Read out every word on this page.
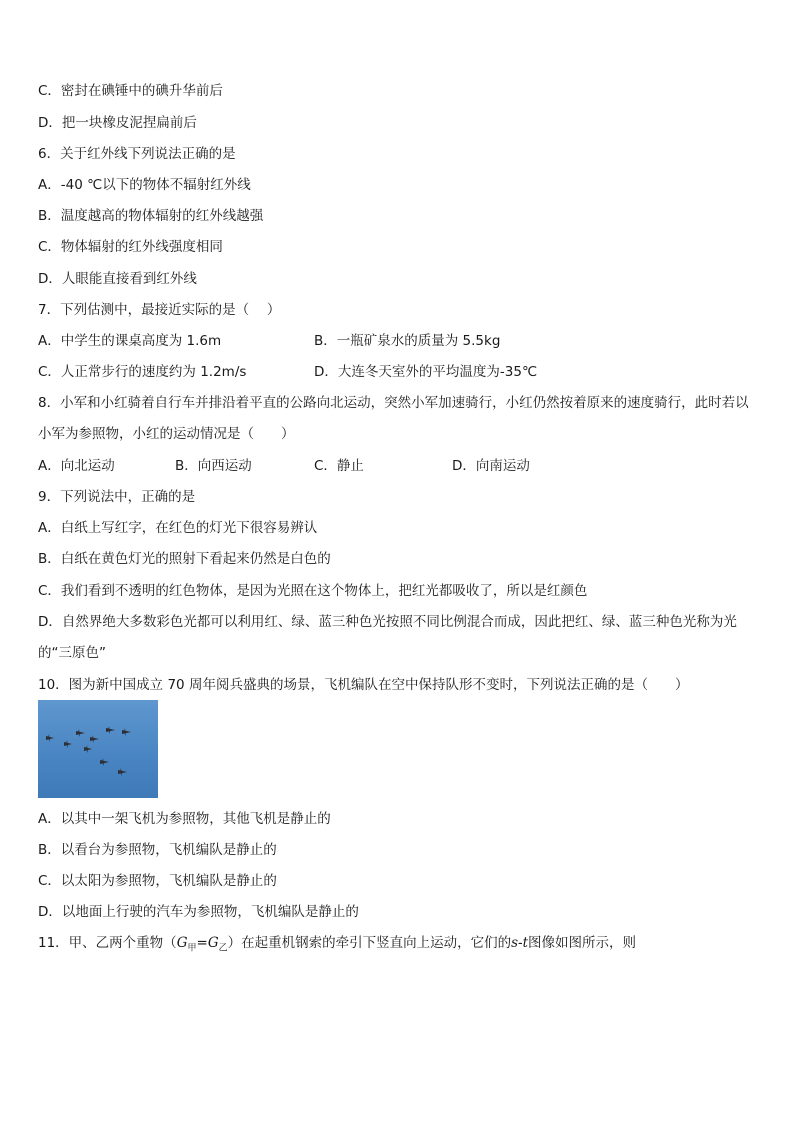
C．密封在碘锤中的碘升华前后
D．把一块橡皮泥捏扁前后
6．关于红外线下列说法正确的是
A．-40 ℃以下的物体不辐射红外线
B．温度越高的物体辐射的红外线越强
C．物体辐射的红外线强度相同
D．人眼能直接看到红外线
7．下列估测中，最接近实际的是（　 ）
A．中学生的课桌高度为 1.6m	B．一瓶矿泉水的质量为 5.5kg
C．人正常步行的速度约为 1.2m/s	D．大连冬天室外的平均温度为-35℃
8．小军和小红骑着自行车并排沿着平直的公路向北运动，突然小军加速骑行，小红仍然按着原来的速度骑行，此时若以小军为参照物，小红的运动情况是（　　）
A．向北运动	B．向西运动	C．静止	D．向南运动
9．下列说法中，正确的是
A．白纸上写红字，在红色的灯光下很容易辨认
B．白纸在黄色灯光的照射下看起来仍然是白色的
C．我们看到不透明的红色物体，是因为光照在这个物体上，把红光都吸收了，所以是红颜色
D．自然界绝大多数彩色光都可以利用红、绿、蓝三种色光按照不同比例混合而成，因此把红、绿、蓝三种色光称为光的“三原色”
10．图为新中国成立 70 周年阅兵盛典的场景，飞机编队在空中保持队形不变时，下列说法正确的是（　　）
A．以其中一架飞机为参照物，其他飞机是静止的
B．以看台为参照物，飞机编队是静止的
C．以太阳为参照物，飞机编队是静止的
D．以地面上行驶的汽车为参照物，飞机编队是静止的
11．甲、乙两个重物$(G_甲=G_乙)$在起重机钢索的牵引下竖直向上运动，它们的s-t图像如图所示，则
